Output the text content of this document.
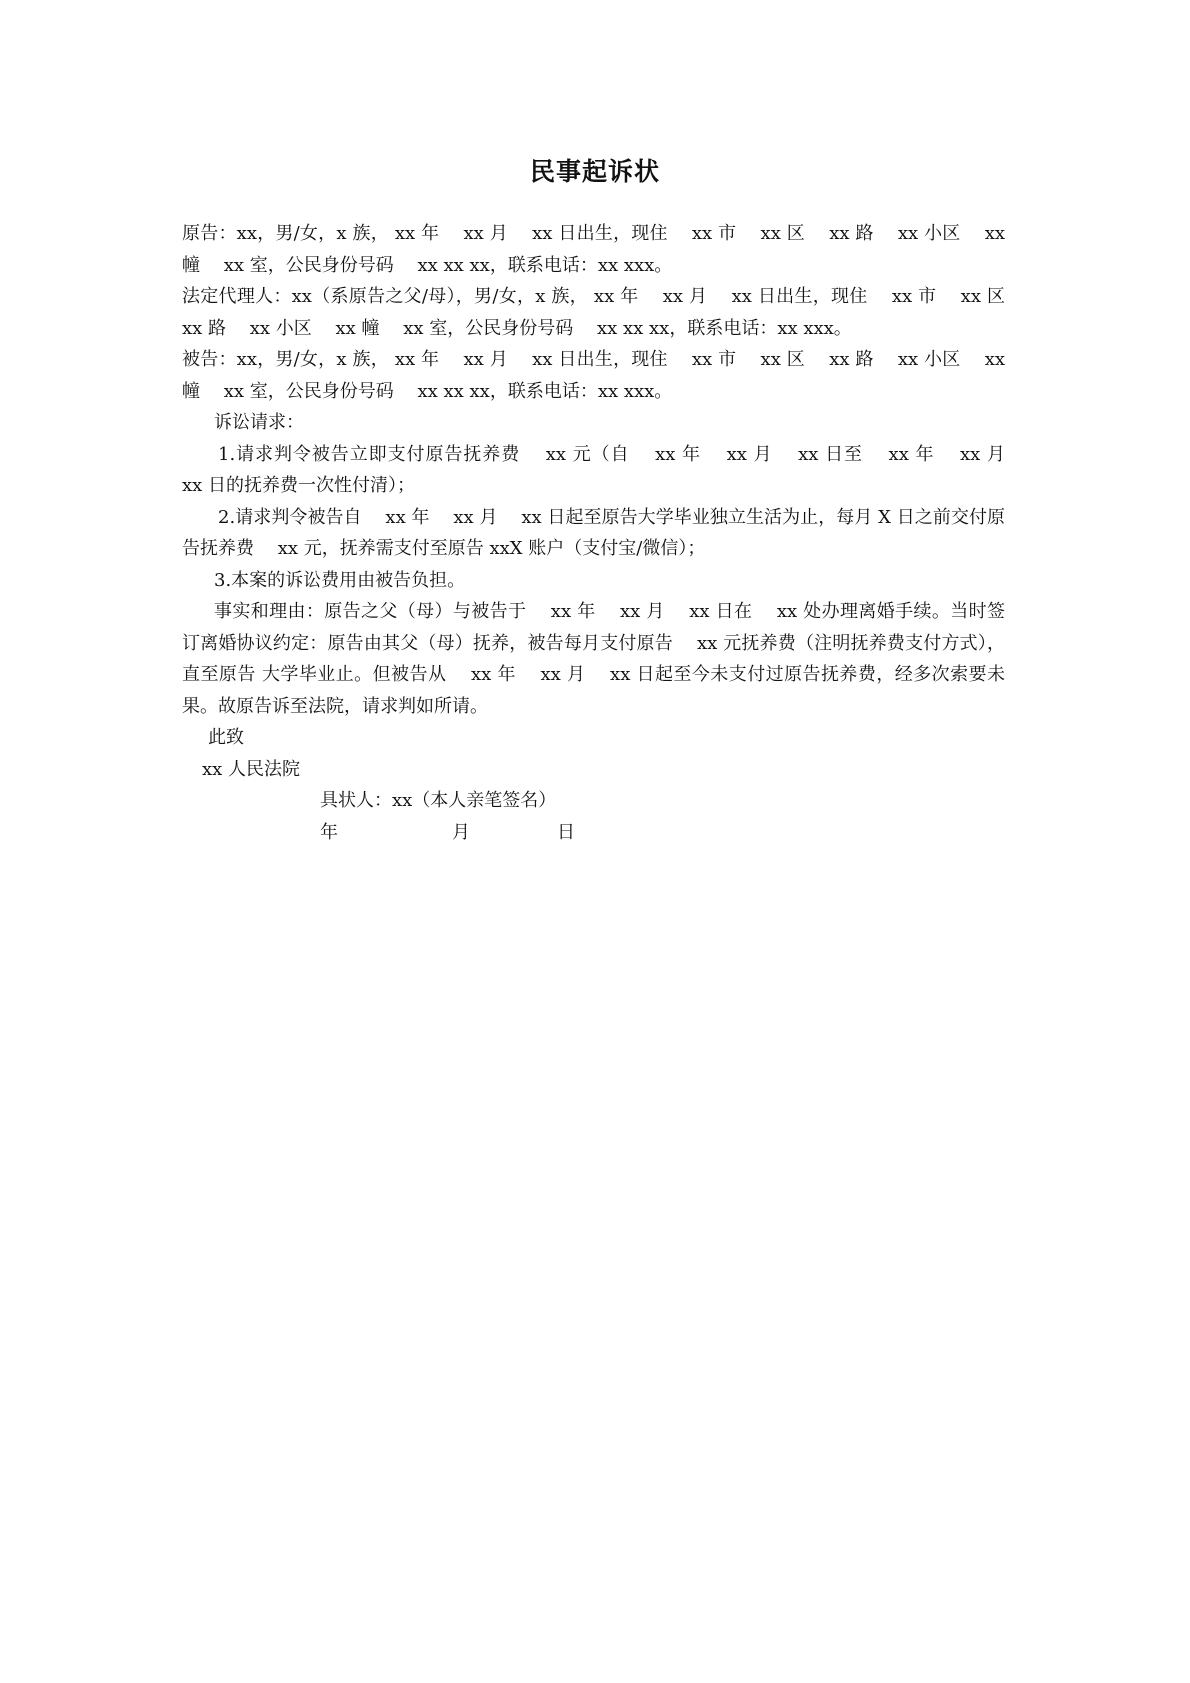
民事起诉状

原告：xx，男/女，x 族， xx 年　 xx 月　 xx 日出生，现住　 xx 市　 xx 区　 xx 路　 xx 小区　 xx 幢　 xx 室，公民身份号码　 xx xx xx，联系电话：xx xxx。

法定代理人：xx（系原告之父/母），男/女，x 族， xx 年　 xx 月　 xx 日出生，现住　 xx 市　 xx 区　 xx 路　 xx 小区　 xx 幢　 xx 室，公民身份号码　 xx xx xx，联系电话：xx xxx。

被告：xx，男/女，x 族， xx 年　 xx 月　 xx 日出生，现住　 xx 市　 xx 区　 xx 路　 xx 小区　 xx 幢　 xx 室，公民身份号码　 xx xx xx，联系电话：xx xxx。

诉讼请求：

1.请求判令被告立即支付原告抚养费　 xx 元（自　 xx 年　 xx 月　 xx 日至　 xx 年　 xx 月　 xx 日的抚养费一次性付清）；

2.请求判令被告自　 xx 年　 xx 月　 xx 日起至原告大学毕业独立生活为止，每月 X 日之前交付原告抚养费　 xx 元，抚养需支付至原告 xxX 账户（支付宝/微信）；

3.本案的诉讼费用由被告负担。

事实和理由：原告之父（母）与被告于　 xx 年　 xx 月　 xx 日在　 xx 处办理离婚手续。当时签订离婚协议约定：原告由其父（母）抚养，被告每月支付原告　 xx 元抚养费（注明抚养费支付方式），直至原告 大学毕业止。但被告从　 xx 年　 xx 月　 xx 日起至今未支付过原告抚养费，经多次索要未果。故原告诉至法院，请求判如所请。

此致

xx 人民法院

具状人：xx（本人亲笔签名）

年	月	日
